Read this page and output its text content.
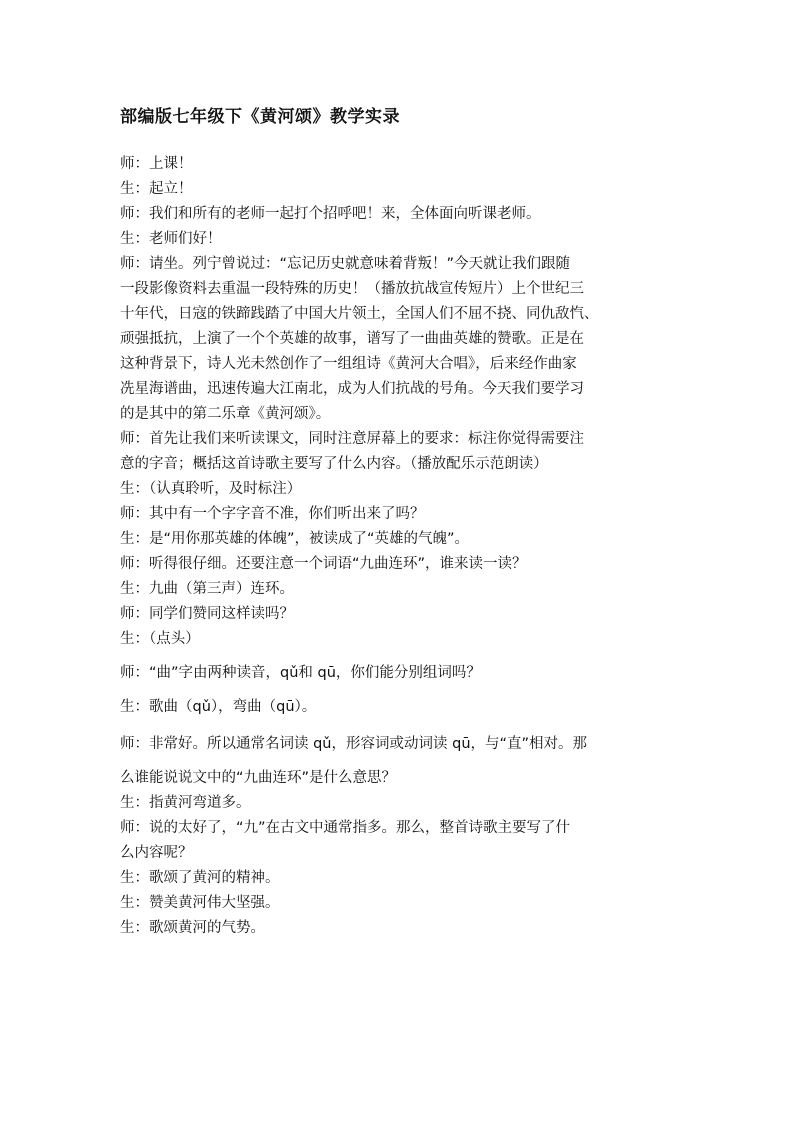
部编版七年级下《黄河颂》教学实录

师：上课！

生：起立！

师：我们和所有的老师一起打个招呼吧！来，全体面向听课老师。

生：老师们好！

师：请坐。列宁曾说过：“忘记历史就意味着背叛！”今天就让我们跟随

一段影像资料去重温一段特殊的历史！（播放抗战宣传短片）上个世纪三

十年代，日寇的铁蹄践踏了中国大片领土，全国人们不屈不挠、同仇敌忾、

顽强抵抗，上演了一个个英雄的故事，谱写了一曲曲英雄的赞歌。正是在

这种背景下，诗人光未然创作了一组组诗《黄河大合唱》，后来经作曲家

冼星海谱曲，迅速传遍大江南北，成为人们抗战的号角。今天我们要学习

的是其中的第二乐章《黄河颂》。

师：首先让我们来听读课文，同时注意屏幕上的要求：标注你觉得需要注

意的字音；概括这首诗歌主要写了什么内容。（播放配乐示范朗读）

生：（认真聆听，及时标注）

师：其中有一个字字音不准，你们听出来了吗？

生：是“用你那英雄的体魄”，被读成了“英雄的气魄”。

师：听得很仔细。还要注意一个词语“九曲连环”，谁来读一读？

生：九曲（第三声）连环。

师：同学们赞同这样读吗？

生：（点头）

师：“曲”字由两种读音，qǔ和 qū，你们能分别组词吗？

生：歌曲（qǔ），弯曲（qū）。

师：非常好。所以通常名词读 qǔ，形容词或动词读 qū，与“直”相对。那

么谁能说说文中的“九曲连环”是什么意思？

生：指黄河弯道多。

师：说的太好了，“九”在古文中通常指多。那么，整首诗歌主要写了什

么内容呢？

生：歌颂了黄河的精神。

生：赞美黄河伟大坚强。

生：歌颂黄河的气势。
